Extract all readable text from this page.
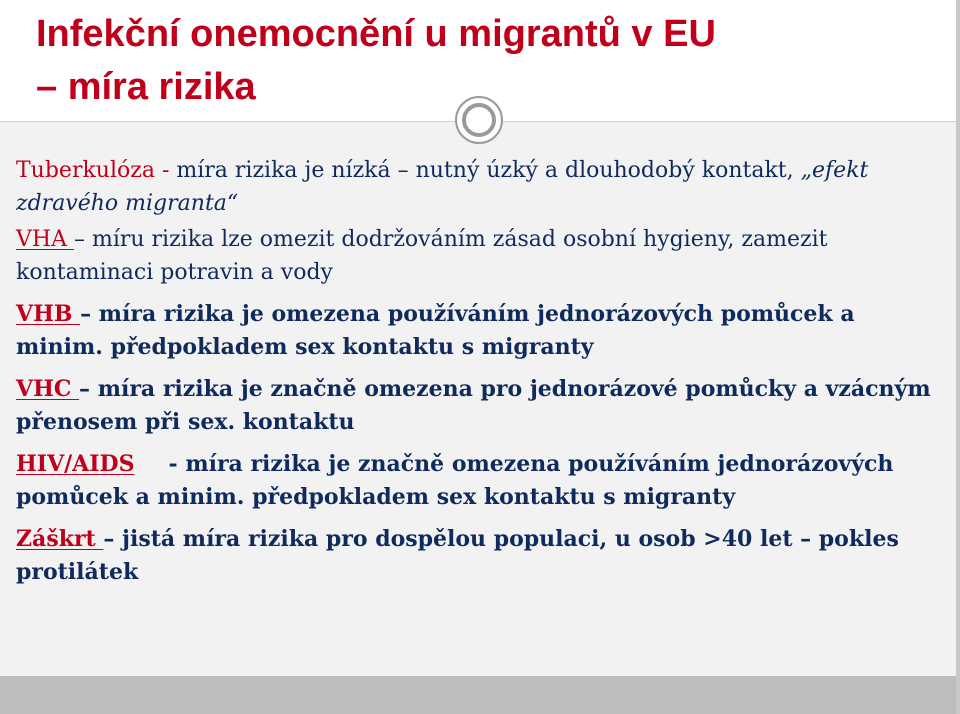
Infekční onemocnění u migrantů v EU
– míra rizika

Tuberkulóza - míra rizika je nízká – nutný úzký a dlouhodobý kontakt, „efekt zdravého migranta“

VHA – míru rizika lze omezit dodržováním zásad osobní hygieny, zamezit kontaminaci potravin a vody

VHB – míra rizika je omezena používáním jednorázových pomůcek a minim. předpokladem sex kontaktu s migranty

VHC – míra rizika je značně omezena pro jednorázové pomůcky a vzácným přenosem při sex. kontaktu

HIV/AIDS - míra rizika je značně omezena používáním jednorázových pomůcek a minim. předpokladem sex kontaktu s migranty

Záškrt – jistá míra rizika pro dospělou populaci, u osob >40 let – pokles protilátek
